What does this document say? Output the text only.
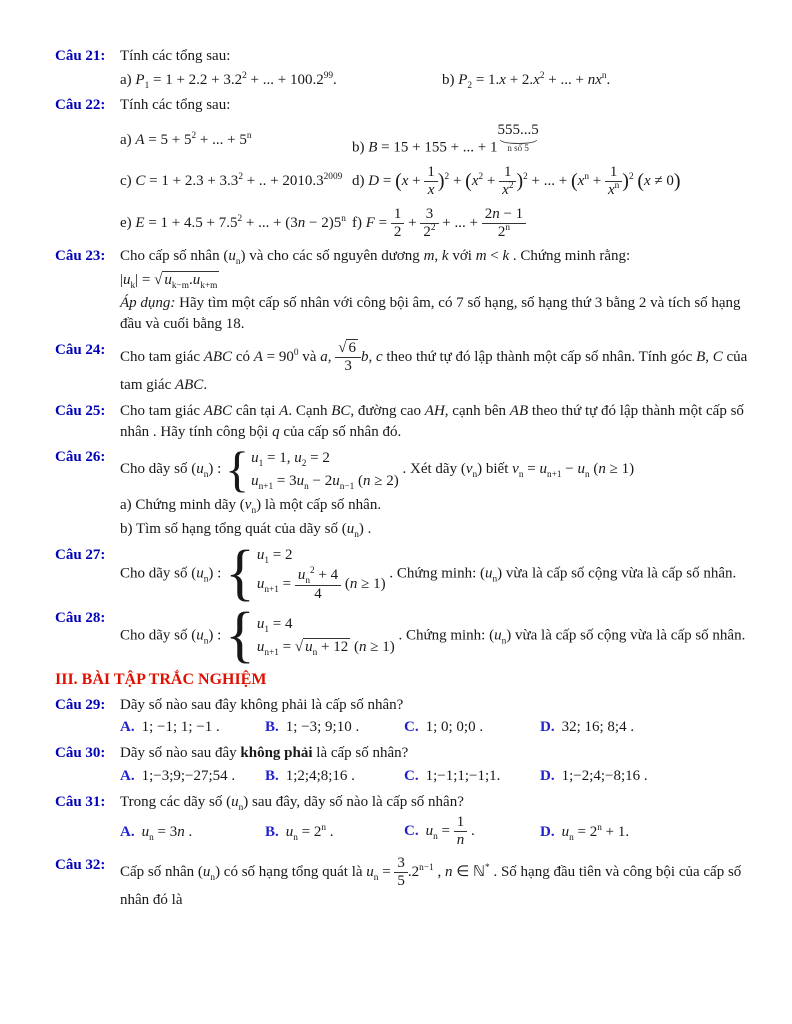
Câu 21: Tính các tổng sau:
a) $P_1 = 1 + 2.2 + 3.2^2$ + ... + $100.2^{99}$.	b) $P_2 = 1.x + 2.x^2$ + ... + $nx^n$.
Câu 22: Tính các tổng sau:
a) $A = 5 + 5^2$ + ... + $5^n$
b) B = 15 + 155 + ... + 1
555...5
n số 5
c) $C = 1 + 2.3 + 3.3^2$ + .. + $2010.3^{2009}$ d) $D = (x + \frac{1}{x} )^2 + (x^2 + \frac{1}{x^2} )^2$ + ... + $(x^n + \frac{1}{x^n} )^2$ (x ≠ 0)
e) $E = 1 + 4.5 + 7.5^2$ + ... + $(3n - 2)5^n$ f) $F = \frac{1}{2} + \frac{3}{2^2}$ + ... + $\frac{2n - 1}{2^n}$
Câu 23: Cho cấp số nhân $(u_n)$ và cho các số nguyên dương m, k với m < k . Chứng minh rằng:
$|u_k|$ = √ $u_{k-m}.u_{k+m}$
Áp dụng: Hãy tìm một cấp số nhân với công bội âm, có 7 số hạng, số hạng thứ 3 bằng 2 và tích số hạng đầu và cuối bằng 18.
Câu 24: Cho tam giác ABC có $A = 90^0$ và a, $\frac{√ 6}{3} b$, c theo thứ tự đó lập thành một cấp số nhân. Tính góc B, C của tam giác ABC.
Câu 25: Cho tam giác ABC cân tại A. Cạnh BC, đường cao AH, cạnh bên AB theo thứ tự đó lập thành một cấp số nhân . Hãy tính công bội q của cấp số nhân đó.
Câu 26:
Cho dãy số $(u_n)$ : { $u_1 = 1$, $u_2 = 2$
$u_{n+1} = 3u_n - 2u_{n-1}$ (n ≥ 2)
. Xét dãy $(v_n)$ biết $v_n = u_{n+1} - u_n$ (n ≥ 1)
a) Chứng minh dãy $(v_n)$ là một cấp số nhân.
b) Tìm số hạng tổng quát của dãy số $(u_n)$ .
Câu 27:
Cho dãy số $(u_n)$ : { $u_1 = 2$
$u_{n+1} = \frac{u_n^2 + 4}{4} (n \ge 1)$
. Chứng minh: $(u_n)$ vừa là cấp số cộng vừa là cấp số nhân.
Câu 28:
Cho dãy số $(u_n)$ : { $u_1 = 4$
$u_{n+1}$ = √ $u_n + 12$ (n ≥ 1)
. Chứng minh: $(u_n)$ vừa là cấp số cộng vừa là cấp số nhân.
III. BÀI TẬP TRẮC NGHIỆM
Câu 29: Dãy số nào sau đây không phải là cấp số nhân?
A. 1; −1; 1; −1 .	B. 1; −3; 9;10 .	C. 1; 0; 0;0 .	D. 32; 16; 8;4 .
Câu 30: Dãy số nào sau đây không phải là cấp số nhân?
A. 1;−3;9;−27;54 .	B. 1;2;4;8;16 .	C. 1;−1;1;−1;1.	D. 1;−2;4;−8;16 .
Câu 31: Trong các dãy số $(u_n)$ sau đây, dãy số nào là cấp số nhân?
A. $u_n = 3n$ .	B. $u_n = 2^n$ .	C. $u_n = \frac{1}{n}$ .	D. $u_n = 2^n + 1$.
Câu 32: Cấp số nhân $(u_n)$ có số hạng tổng quát là $u_n = \frac{3}{5} .2^{n-1}$ , n ∈ ℕ* . Số hạng đầu tiên và công bội của cấp số nhân đó là
